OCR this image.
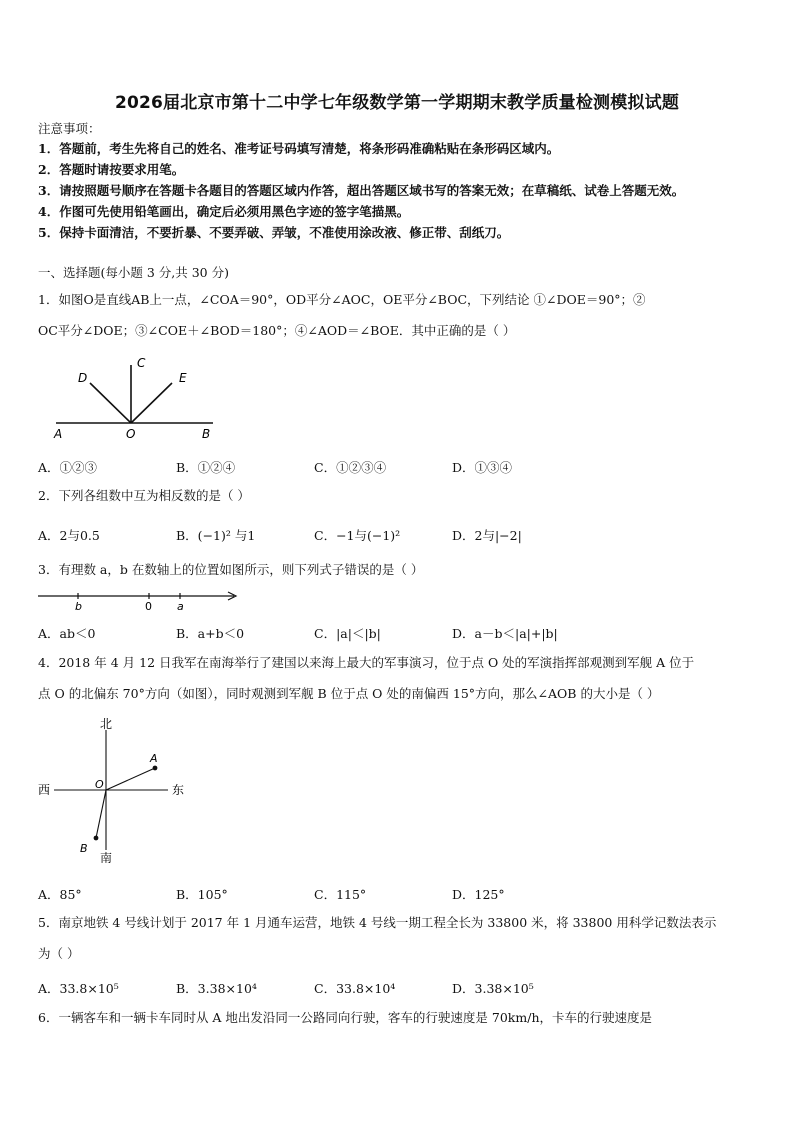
2026届北京市第十二中学七年级数学第一学期期末教学质量检测模拟试题
注意事项：
1．答题前，考生先将自己的姓名、准考证号码填写清楚，将条形码准确粘贴在条形码区域内。
2．答题时请按要求用笔。
3．请按照题号顺序在答题卡各题目的答题区域内作答，超出答题区域书写的答案无效；在草稿纸、试卷上答题无效。
4．作图可先使用铅笔画出，确定后必须用黑色字迹的签字笔描黑。
5．保持卡面清洁，不要折暴、不要弄破、弄皱，不准使用涂改液、修正带、刮纸刀。
一、选择题(每小题 3 分,共 30 分)
1．如图O是直线AB上一点，∠COA＝90°，OD平分∠AOC，OE平分∠BOC，下列结论 ①∠DOE＝90°；②
OC平分∠DOE；③∠COE＋∠BOD＝180°；④∠AOD＝∠BOE．其中正确的是（ ）
A	O	B
C
D	E
A．①②③	B．①②④	C．①②③④	D．①③④
2．下列各组数中互为相反数的是（ ）
A．2与0.5	B．(−1)² 与1	C．−1与(−1)²	D．2与|−2|
3．有理数 a，b 在数轴上的位置如图所示，则下列式子错误的是（ ）
b	0 a
A．ab＜0	B．a+b＜0	C．|a|＜|b|	D．a－b＜|a|+|b|
4．2018 年 4 月 12 日我军在南海举行了建国以来海上最大的军事演习，位于点 O 处的军演指挥部观测到军舰 A 位于
点 O 的北偏东 70°方向（如图），同时观测到军舰 B 位于点 O 处的南偏西 15°方向，那么∠AOB 的大小是（ ）
北
南
西	东
O
A
B
A．85°	B．105°	C．115°	D．125°
5．南京地铁 4 号线计划于 2017 年 1 月通车运营，地铁 4 号线一期工程全长为 33800 米，将 33800 用科学记数法表示
为（ ）
A．33.8×10⁵	B．3.38×10⁴	C．33.8×10⁴	D．3.38×10⁵
6．一辆客车和一辆卡车同时从 A 地出发沿同一公路同向行驶，客车的行驶速度是 70km/h，卡车的行驶速度是
